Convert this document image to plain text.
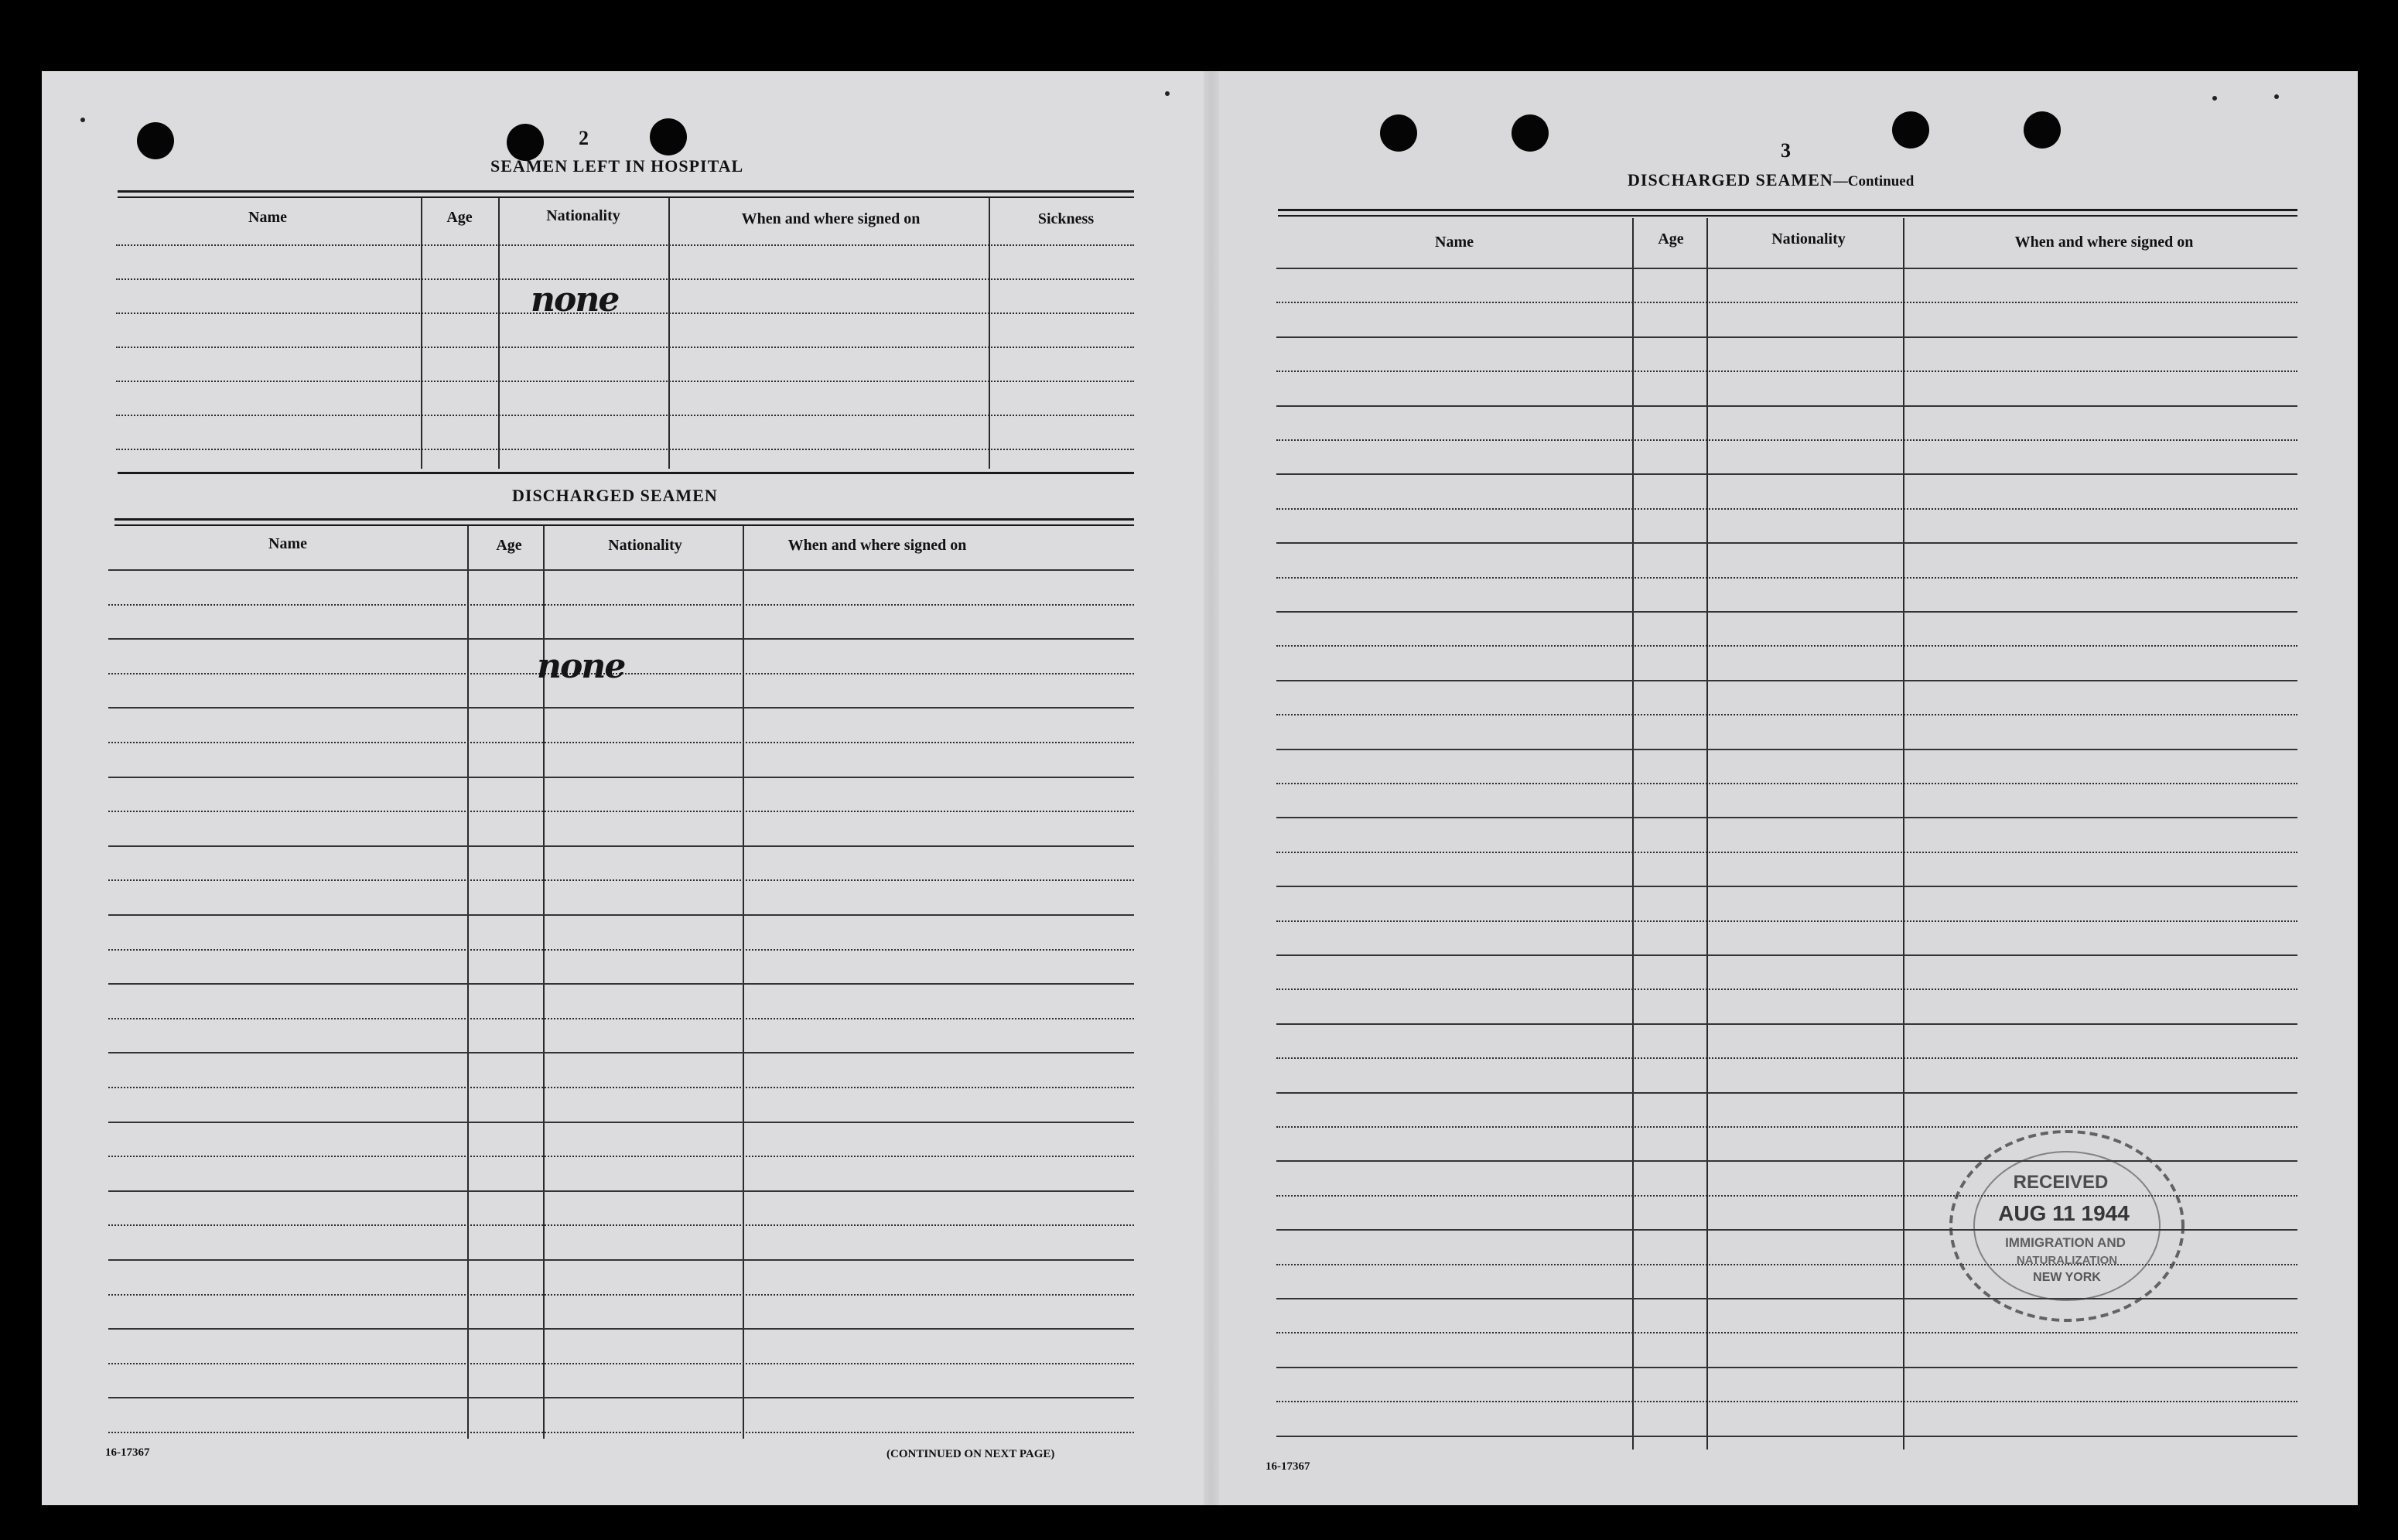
2
SEAMEN LEFT IN HOSPITAL
Name	Age	Nationality	When and where signed on	Sickness
none
DISCHARGED SEAMEN
Name	Age	Nationality	When and where signed on
none
16-17367	(CONTINUED ON NEXT PAGE)
3
DISCHARGED SEAMEN—Continued
Name	Age	Nationality	When and where signed on
16-17367
RECEIVED
AUG 11 1944
IMMIGRATION AND
NATURALIZATION
NEW YORK
